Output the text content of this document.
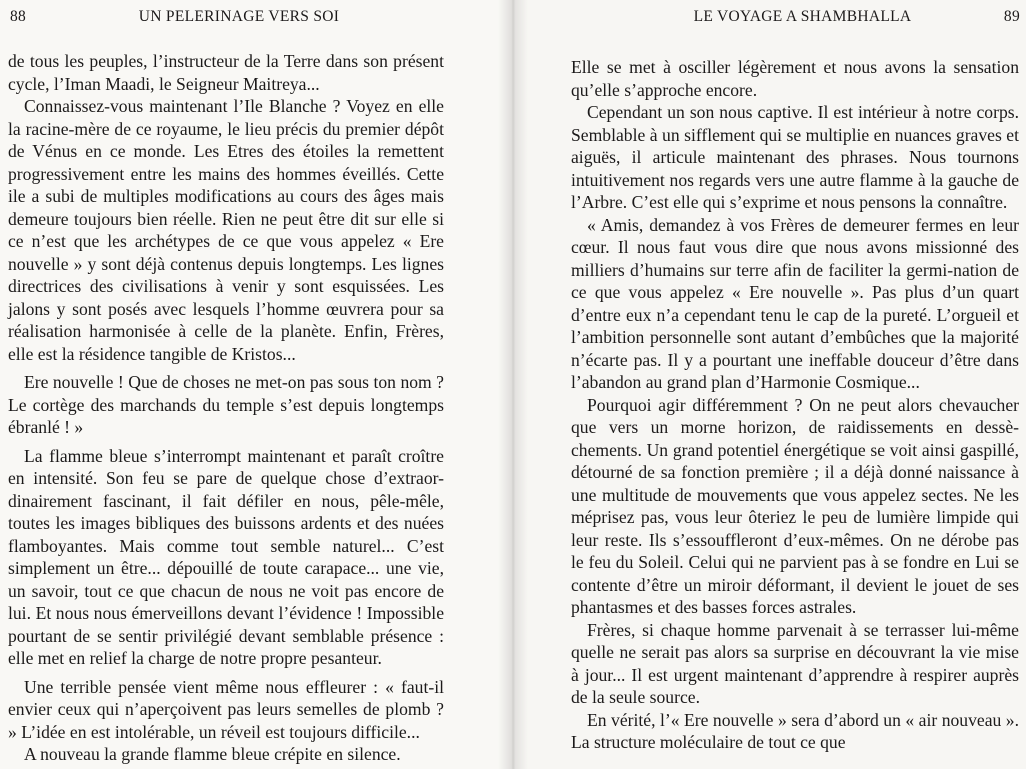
88	UN PELERINAGE VERS SOI

de tous les peuples, l’instructeur de la Terre dans son présent cycle, l’Iman Maadi, le Seigneur Maitreya...

Connaissez-vous maintenant l’Ile Blanche ? Voyez en elle la racine-mère de ce royaume, le lieu précis du premier dépôt de Vénus en ce monde. Les Etres des étoiles la remettent progressivement entre les mains des hommes éveillés. Cette ile a subi de multiples modifications au cours des âges mais demeure toujours bien réelle. Rien ne peut être dit sur elle si ce n’est que les archétypes de ce que vous appelez « Ere nouvelle » y sont déjà contenus depuis longtemps. Les lignes directrices des civilisations à venir y sont esquissées. Les jalons y sont posés avec lesquels l’homme œuvrera pour sa réalisation harmonisée à celle de la planète. Enfin, Frères, elle est la résidence tangible de Kristos...

Ere nouvelle ! Que de choses ne met-on pas sous ton nom ? Le cortège des marchands du temple s’est depuis longtemps ébranlé ! »

La flamme bleue s’interrompt maintenant et paraît croître en intensité. Son feu se pare de quelque chose d’extraor-dinairement fascinant, il fait défiler en nous, pêle-mêle, toutes les images bibliques des buissons ardents et des nuées flamboyantes. Mais comme tout semble naturel... C’est simplement un être... dépouillé de toute carapace... une vie, un savoir, tout ce que chacun de nous ne voit pas encore de lui. Et nous nous émerveillons devant l’évidence ! Impossible pourtant de se sentir privilégié devant semblable présence : elle met en relief la charge de notre propre pesanteur.

Une terrible pensée vient même nous effleurer : « faut-il envier ceux qui n’aperçoivent pas leurs semelles de plomb ? » L’idée en est intolérable, un réveil est toujours difficile...

A nouveau la grande flamme bleue crépite en silence.

LE VOYAGE A SHAMBHALLA	89

Elle se met à osciller légèrement et nous avons la sensation qu’elle s’approche encore.

Cependant un son nous captive. Il est intérieur à notre corps. Semblable à un sifflement qui se multiplie en nuances graves et aiguës, il articule maintenant des phrases. Nous tournons intuitivement nos regards vers une autre flamme à la gauche de l’Arbre. C’est elle qui s’exprime et nous pensons la connaître.

« Amis, demandez à vos Frères de demeurer fermes en leur cœur. Il nous faut vous dire que nous avons missionné des milliers d’humains sur terre afin de faciliter la germi-nation de ce que vous appelez « Ere nouvelle ». Pas plus d’un quart d’entre eux n’a cependant tenu le cap de la pureté. L’orgueil et l’ambition personnelle sont autant d’embûches que la majorité n’écarte pas. Il y a pourtant une ineffable douceur d’être dans l’abandon au grand plan d’Harmonie Cosmique...

Pourquoi agir différemment ? On ne peut alors chevaucher que vers un morne horizon, de raidissements en dessè-chements. Un grand potentiel énergétique se voit ainsi gaspillé, détourné de sa fonction première ; il a déjà donné naissance à une multitude de mouvements que vous appelez sectes. Ne les méprisez pas, vous leur ôteriez le peu de lumière limpide qui leur reste. Ils s’essouffleront d’eux-mêmes. On ne dérobe pas le feu du Soleil. Celui qui ne parvient pas à se fondre en Lui se contente d’être un miroir déformant, il devient le jouet de ses phantasmes et des basses forces astrales.

Frères, si chaque homme parvenait à se terrasser lui-même quelle ne serait pas alors sa surprise en découvrant la vie mise à jour... Il est urgent maintenant d’apprendre à respirer auprès de la seule source.

En vérité, l’« Ere nouvelle » sera d’abord un « air nouveau ». La structure moléculaire de tout ce que
